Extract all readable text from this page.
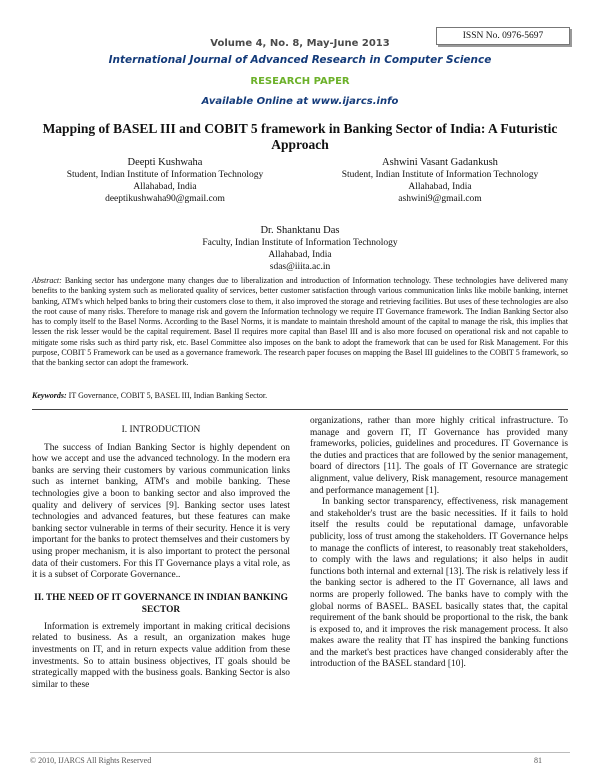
ISSN No. 0976-5697
Volume 4, No. 8, May-June 2013
International Journal of Advanced Research in Computer Science
RESEARCH PAPER
Available Online at www.ijarcs.info
Mapping of BASEL III and COBIT 5 framework in Banking Sector of India: A Futuristic Approach
Deepti Kushwaha
Student, Indian Institute of Information Technology
Allahabad, India
deeptikushwaha90@gmail.com
Ashwini Vasant Gadankush
Student, Indian Institute of Information Technology
Allahabad, India
ashwini9@gmail.com
Dr. Shanktanu Das
Faculty, Indian Institute of Information Technology
Allahabad, India
sdas@iiita.ac.in
Abstract: Banking sector has undergone many changes due to liberalization and introduction of Information technology. These technologies have delivered many benefits to the banking system such as meliorated quality of services, better customer satisfaction through various communication links like mobile banking, internet banking, ATM's which helped banks to bring their customers close to them, it also improved the storage and retrieving facilities. But uses of these technologies are also the root cause of many risks. Therefore to manage risk and govern the Information technology we require IT Governance framework. The Indian Banking Sector also has to comply itself to the Basel Norms. According to the Basel Norms, it is mandate to maintain threshold amount of the capital to manage the risk, this implies that lessen the risk lesser would be the capital requirement. Basel II requires more capital than Basel III and is also more focused on operational risk and not capable to mitigate some risks such as third party risk, etc. Basel Committee also imposes on the bank to adopt the framework that can be used for Risk Management. For this purpose, COBIT 5 Framework can be used as a governance framework. The research paper focuses on mapping the Basel III guidelines to the COBIT 5 framework, so that the banking sector can adopt the framework.
Keywords: IT Governance, COBIT 5, BASEL III, Indian Banking Sector.
I. INTRODUCTION

The success of Indian Banking Sector is highly dependent on how we accept and use the advanced technology. In the modern era banks are serving their customers by various communication links such as internet banking, ATM's and mobile banking. These technologies give a boon to banking sector and also improved the quality and delivery of services [9]. Banking sector uses latest technologies and advanced features, but these features can make banking sector vulnerable in terms of their security. Hence it is very important for the banks to protect themselves and their customers by using proper mechanism, it is also important to protect the personal data of their customers. For this IT Governance plays a vital role, as it is a subset of Corporate Governance..

II. THE NEED OF IT GOVERNANCE IN INDIAN BANKING SECTOR

Information is extremely important in making critical decisions related to business. As a result, an organization makes huge investments on IT, and in return expects value addition from these investments. So to attain business objectives, IT goals should be strategically mapped with the business goals. Banking Sector is also similar to these

organizations, rather than more highly critical infrastructure. To manage and govern IT, IT Governance has provided many frameworks, policies, guidelines and procedures. IT Governance is the duties and practices that are followed by the senior management, board of directors [11]. The goals of IT Governance are strategic alignment, value delivery, Risk management, resource management and performance management [1].

In banking sector transparency, effectiveness, risk management and stakeholder's trust are the basic necessities. If it fails to hold itself the results could be reputational damage, unfavorable publicity, loss of trust among the stakeholders. IT Governance helps to manage the conflicts of interest, to reasonably treat stakeholders, to comply with the laws and regulations; it also helps in audit functions both internal and external [13]. The risk is relatively less if the banking sector is adhered to the IT Governance, all laws and norms are properly followed. The banks have to comply with the global norms of BASEL. BASEL basically states that, the capital requirement of the bank should be proportional to the risk, the bank is exposed to, and it improves the risk management process. It also makes aware the reality that IT has inspired the banking functions and the market's best practices have changed considerably after the introduction of the BASEL standard [10].

© 2010, IJARCS All Rights Reserved	81
